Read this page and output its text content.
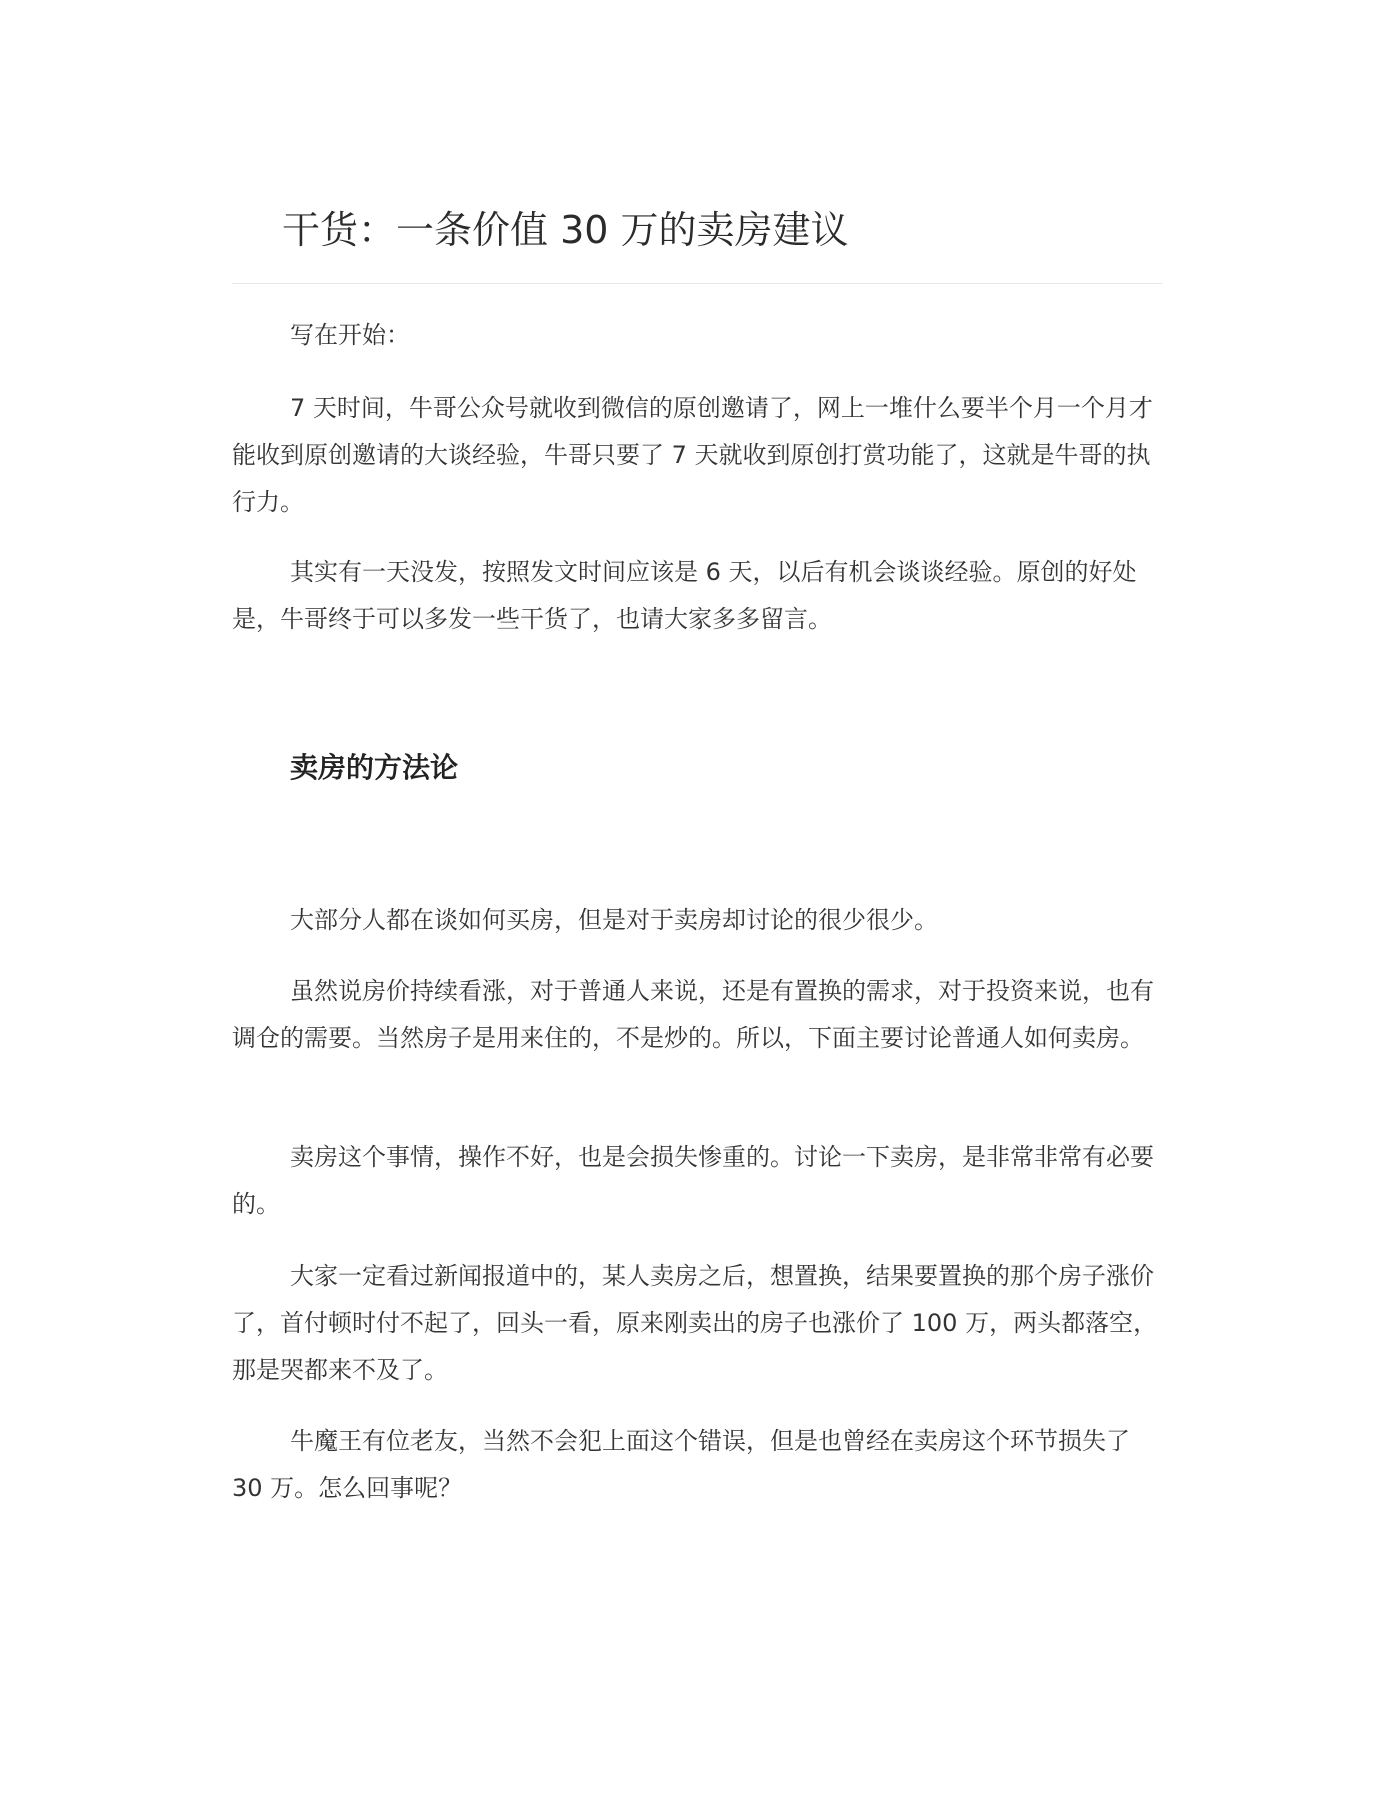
干货：一条价值 30 万的卖房建议

写在开始：

7 天时间，牛哥公众号就收到微信的原创邀请了，网上一堆什么要半个月一个月才能收到原创邀请的大谈经验，牛哥只要了 7 天就收到原创打赏功能了，这就是牛哥的执行力。

其实有一天没发，按照发文时间应该是 6 天，以后有机会谈谈经验。原创的好处是，牛哥终于可以多发一些干货了，也请大家多多留言。

卖房的方法论

大部分人都在谈如何买房，但是对于卖房却讨论的很少很少。

虽然说房价持续看涨，对于普通人来说，还是有置换的需求，对于投资来说，也有调仓的需要。当然房子是用来住的，不是炒的。所以，下面主要讨论普通人如何卖房。

卖房这个事情，操作不好，也是会损失惨重的。讨论一下卖房，是非常非常有必要的。

大家一定看过新闻报道中的，某人卖房之后，想置换，结果要置换的那个房子涨价了，首付顿时付不起了，回头一看，原来刚卖出的房子也涨价了 100 万，两头都落空，那是哭都来不及了。

牛魔王有位老友，当然不会犯上面这个错误，但是也曾经在卖房这个环节损失了 30 万。怎么回事呢？
